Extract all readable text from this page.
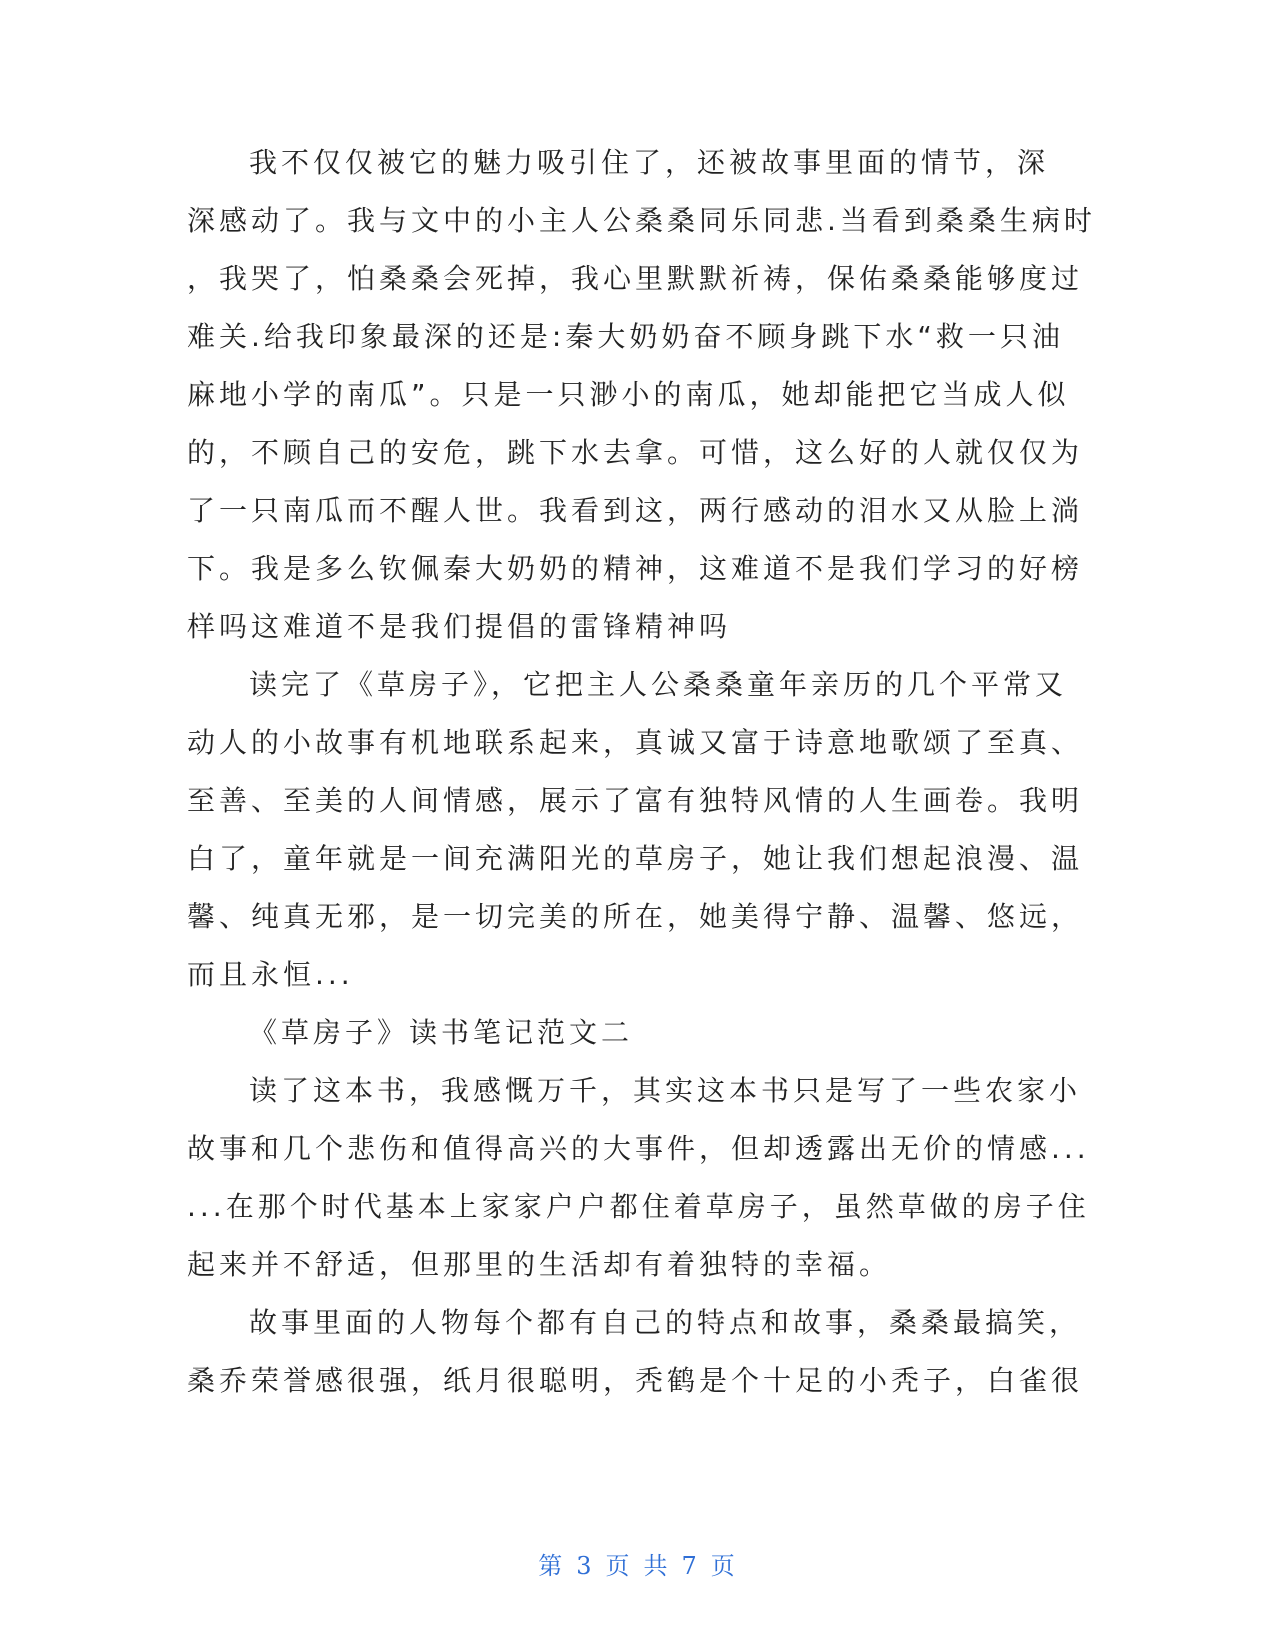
我不仅仅被它的魅力吸引住了，还被故事里面的情节，深
深感动了。我与文中的小主人公桑桑同乐同悲.当看到桑桑生病时
，我哭了，怕桑桑会死掉，我心里默默祈祷，保佑桑桑能够度过
难关.给我印象最深的还是:秦大奶奶奋不顾身跳下水“救一只油
麻地小学的南瓜”。只是一只渺小的南瓜，她却能把它当成人似
的，不顾自己的安危，跳下水去拿。可惜，这么好的人就仅仅为
了一只南瓜而不醒人世。我看到这，两行感动的泪水又从脸上淌
下。我是多么钦佩秦大奶奶的精神，这难道不是我们学习的好榜
样吗这难道不是我们提倡的雷锋精神吗
读完了《草房子》，它把主人公桑桑童年亲历的几个平常又
动人的小故事有机地联系起来，真诚又富于诗意地歌颂了至真、
至善、至美的人间情感，展示了富有独特风情的人生画卷。我明
白了，童年就是一间充满阳光的草房子，她让我们想起浪漫、温
馨、纯真无邪，是一切完美的所在，她美得宁静、温馨、悠远，
而且永恒...
《草房子》读书笔记范文二
读了这本书，我感慨万千，其实这本书只是写了一些农家小
故事和几个悲伤和值得高兴的大事件，但却透露出无价的情感...
...在那个时代基本上家家户户都住着草房子，虽然草做的房子住
起来并不舒适，但那里的生活却有着独特的幸福。
故事里面的人物每个都有自己的特点和故事，桑桑最搞笑，
桑乔荣誉感很强，纸月很聪明，秃鹤是个十足的小秃子，白雀很
第 3 页 共 7 页
